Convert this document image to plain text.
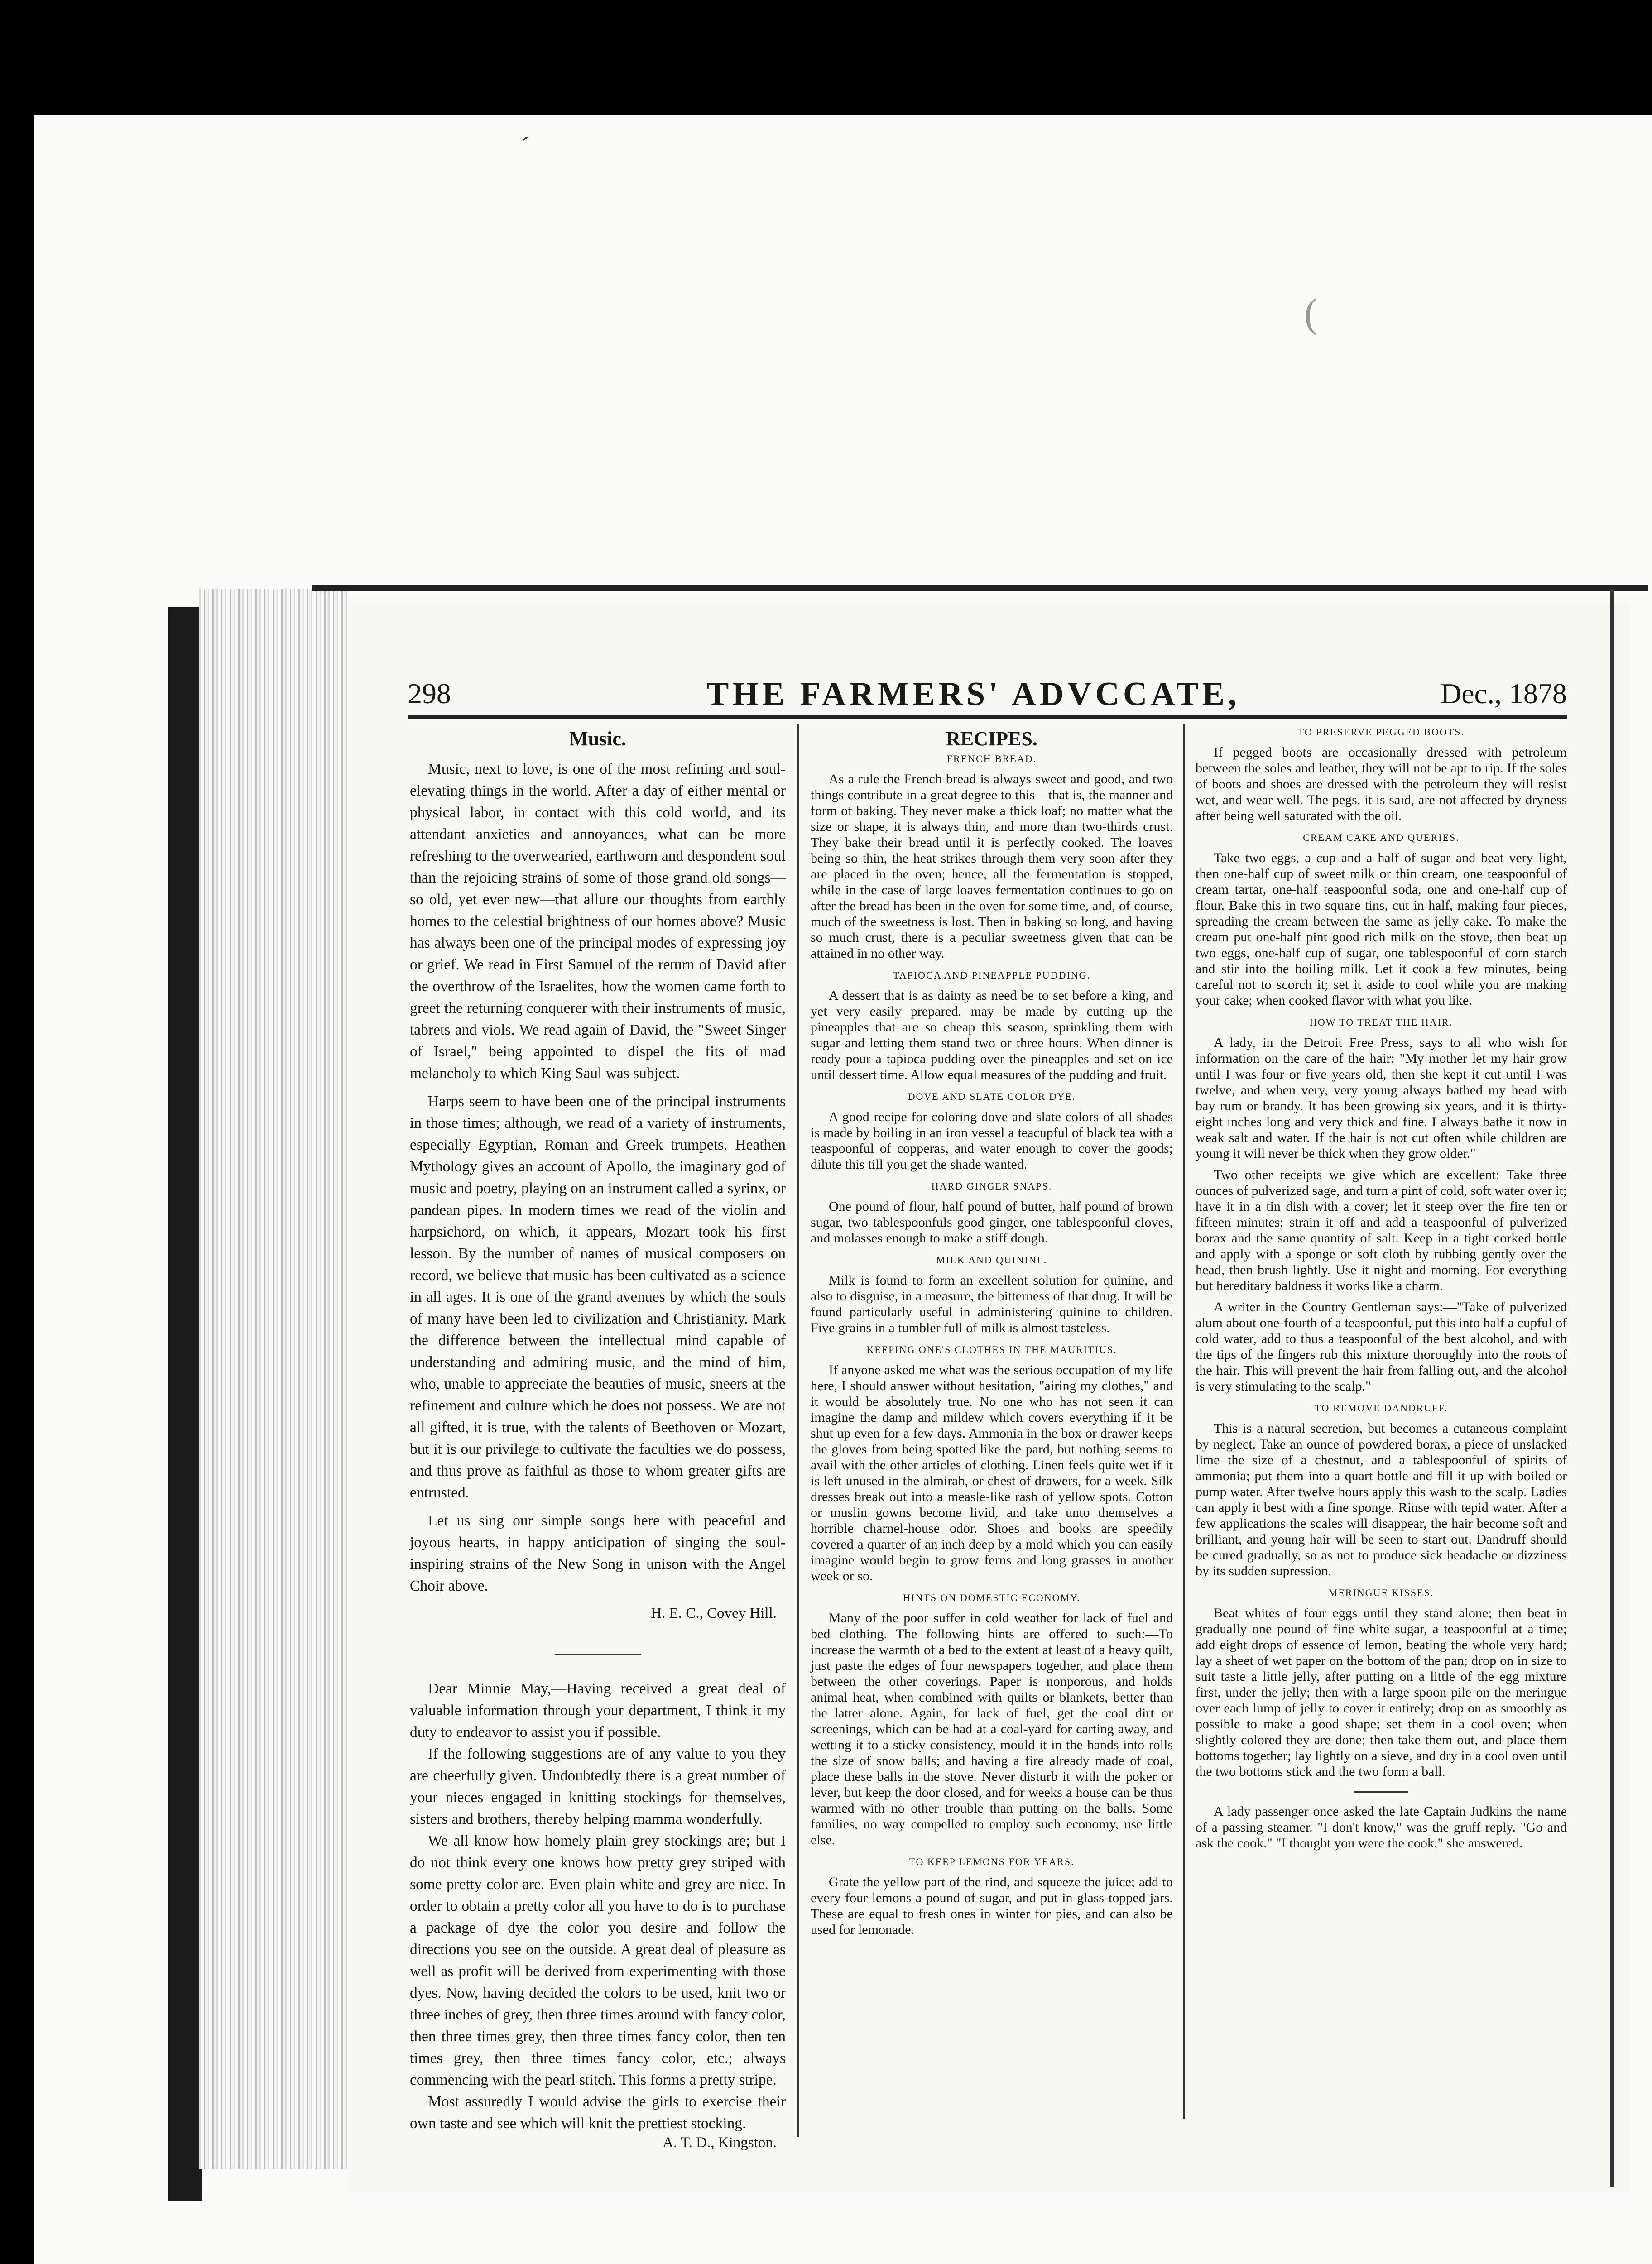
´
(
298	THE FARMERS' ADVCCATE,	Dec., 1878
Music.

Music, next to love, is one of the most refining and soul-elevating things in the world. After a day of either mental or physical labor, in contact with this cold world, and its attendant anxieties and annoyances, what can be more refreshing to the overwearied, earthworn and despondent soul than the rejoicing strains of some of those grand old songs—so old, yet ever new—that allure our thoughts from earthly homes to the celestial brightness of our homes above? Music has always been one of the principal modes of expressing joy or grief. We read in First Samuel of the return of David after the overthrow of the Israelites, how the women came forth to greet the returning conquerer with their instruments of music, tabrets and viols. We read again of David, the "Sweet Singer of Israel," being appointed to dispel the fits of mad melancholy to which King Saul was subject.

Harps seem to have been one of the principal instruments in those times; although, we read of a variety of instruments, especially Egyptian, Roman and Greek trumpets. Heathen Mythology gives an account of Apollo, the imaginary god of music and poetry, playing on an instrument called a syrinx, or pandean pipes. In modern times we read of the violin and harpsichord, on which, it appears, Mozart took his first lesson. By the number of names of musical composers on record, we believe that music has been cultivated as a science in all ages. It is one of the grand avenues by which the souls of many have been led to civilization and Christianity. Mark the difference between the intellectual mind capable of understanding and admiring music, and the mind of him, who, unable to appreciate the beauties of music, sneers at the refinement and culture which he does not possess. We are not all gifted, it is true, with the talents of Beethoven or Mozart, but it is our privilege to cultivate the faculties we do possess, and thus prove as faithful as those to whom greater gifts are entrusted.

Let us sing our simple songs here with peaceful and joyous hearts, in happy anticipation of singing the soul-inspiring strains of the New Song in unison with the Angel Choir above.

H. E. C., Covey Hill.

Dear Minnie May,—Having received a great deal of valuable information through your department, I think it my duty to endeavor to assist you if possible.

If the following suggestions are of any value to you they are cheerfully given. Undoubtedly there is a great number of your nieces engaged in knitting stockings for themselves, sisters and brothers, thereby helping mamma wonderfully.

We all know how homely plain grey stockings are; but I do not think every one knows how pretty grey striped with some pretty color are. Even plain white and grey are nice. In order to obtain a pretty color all you have to do is to purchase a package of dye the color you desire and follow the directions you see on the outside. A great deal of pleasure as well as profit will be derived from experimenting with those dyes. Now, having decided the colors to be used, knit two or three inches of grey, then three times around with fancy color, then three times grey, then three times fancy color, then ten times grey, then three times fancy color, etc.; always commencing with the pearl stitch. This forms a pretty stripe.

Most assuredly I would advise the girls to exercise their own taste and see which will knit the prettiest stocking.

A. T. D., Kingston.
RECIPES.
FRENCH BREAD.

As a rule the French bread is always sweet and good, and two things contribute in a great degree to this—that is, the manner and form of baking. They never make a thick loaf; no matter what the size or shape, it is always thin, and more than two-thirds crust. They bake their bread until it is perfectly cooked. The loaves being so thin, the heat strikes through them very soon after they are placed in the oven; hence, all the fermentation is stopped, while in the case of large loaves fermentation continues to go on after the bread has been in the oven for some time, and, of course, much of the sweetness is lost. Then in baking so long, and having so much crust, there is a peculiar sweetness given that can be attained in no other way.

TAPIOCA AND PINEAPPLE PUDDING.

A dessert that is as dainty as need be to set before a king, and yet very easily prepared, may be made by cutting up the pineapples that are so cheap this season, sprinkling them with sugar and letting them stand two or three hours. When dinner is ready pour a tapioca pudding over the pineapples and set on ice until dessert time. Allow equal measures of the pudding and fruit.

DOVE AND SLATE COLOR DYE.

A good recipe for coloring dove and slate colors of all shades is made by boiling in an iron vessel a teacupful of black tea with a teaspoonful of copperas, and water enough to cover the goods; dilute this till you get the shade wanted.

HARD GINGER SNAPS.

One pound of flour, half pound of butter, half pound of brown sugar, two tablespoonfuls good ginger, one tablespoonful cloves, and molasses enough to make a stiff dough.

MILK AND QUININE.

Milk is found to form an excellent solution for quinine, and also to disguise, in a measure, the bitterness of that drug. It will be found particularly useful in administering quinine to children. Five grains in a tumbler full of milk is almost tasteless.

KEEPING ONE'S CLOTHES IN THE MAURITIUS.

If anyone asked me what was the serious occupation of my life here, I should answer without hesitation, "airing my clothes," and it would be absolutely true. No one who has not seen it can imagine the damp and mildew which covers everything if it be shut up even for a few days. Ammonia in the box or drawer keeps the gloves from being spotted like the pard, but nothing seems to avail with the other articles of clothing. Linen feels quite wet if it is left unused in the almirah, or chest of drawers, for a week. Silk dresses break out into a measle-like rash of yellow spots. Cotton or muslin gowns become livid, and take unto themselves a horrible charnel-house odor. Shoes and books are speedily covered a quarter of an inch deep by a mold which you can easily imagine would begin to grow ferns and long grasses in another week or so.

HINTS ON DOMESTIC ECONOMY.

Many of the poor suffer in cold weather for lack of fuel and bed clothing. The following hints are offered to such:—To increase the warmth of a bed to the extent at least of a heavy quilt, just paste the edges of four newspapers together, and place them between the other coverings. Paper is nonporous, and holds animal heat, when combined with quilts or blankets, better than the latter alone. Again, for lack of fuel, get the coal dirt or screenings, which can be had at a coal-yard for carting away, and wetting it to a sticky consistency, mould it in the hands into rolls the size of snow balls; and having a fire already made of coal, place these balls in the stove. Never disturb it with the poker or lever, but keep the door closed, and for weeks a house can be thus warmed with no other trouble than putting on the balls. Some families, no way compelled to employ such economy, use little else.

TO KEEP LEMONS FOR YEARS.

Grate the yellow part of the rind, and squeeze the juice; add to every four lemons a pound of sugar, and put in glass-topped jars. These are equal to fresh ones in winter for pies, and can also be used for lemonade.

TO PRESERVE PEGGED BOOTS.

If pegged boots are occasionally dressed with petroleum between the soles and leather, they will not be apt to rip. If the soles of boots and shoes are dressed with the petroleum they will resist wet, and wear well. The pegs, it is said, are not affected by dryness after being well saturated with the oil.

CREAM CAKE AND QUERIES.

Take two eggs, a cup and a half of sugar and beat very light, then one-half cup of sweet milk or thin cream, one teaspoonful of cream tartar, one-half teaspoonful soda, one and one-half cup of flour. Bake this in two square tins, cut in half, making four pieces, spreading the cream between the same as jelly cake. To make the cream put one-half pint good rich milk on the stove, then beat up two eggs, one-half cup of sugar, one tablespoonful of corn starch and stir into the boiling milk. Let it cook a few minutes, being careful not to scorch it; set it aside to cool while you are making your cake; when cooked flavor with what you like.

HOW TO TREAT THE HAIR.

A lady, in the Detroit Free Press, says to all who wish for information on the care of the hair: "My mother let my hair grow until I was four or five years old, then she kept it cut until I was twelve, and when very, very young always bathed my head with bay rum or brandy. It has been growing six years, and it is thirty-eight inches long and very thick and fine. I always bathe it now in weak salt and water. If the hair is not cut often while children are young it will never be thick when they grow older."

Two other receipts we give which are excellent: Take three ounces of pulverized sage, and turn a pint of cold, soft water over it; have it in a tin dish with a cover; let it steep over the fire ten or fifteen minutes; strain it off and add a teaspoonful of pulverized borax and the same quantity of salt. Keep in a tight corked bottle and apply with a sponge or soft cloth by rubbing gently over the head, then brush lightly. Use it night and morning. For everything but hereditary baldness it works like a charm.

A writer in the Country Gentleman says:—"Take of pulverized alum about one-fourth of a teaspoonful, put this into half a cupful of cold water, add to thus a teaspoonful of the best alcohol, and with the tips of the fingers rub this mixture thoroughly into the roots of the hair. This will prevent the hair from falling out, and the alcohol is very stimulating to the scalp."

TO REMOVE DANDRUFF.

This is a natural secretion, but becomes a cutaneous complaint by neglect. Take an ounce of powdered borax, a piece of unslacked lime the size of a chestnut, and a tablespoonful of spirits of ammonia; put them into a quart bottle and fill it up with boiled or pump water. After twelve hours apply this wash to the scalp. Ladies can apply it best with a fine sponge. Rinse with tepid water. After a few applications the scales will disappear, the hair become soft and brilliant, and young hair will be seen to start out. Dandruff should be cured gradually, so as not to produce sick headache or dizziness by its sudden supression.

MERINGUE KISSES.

Beat whites of four eggs until they stand alone; then beat in gradually one pound of fine white sugar, a teaspoonful at a time; add eight drops of essence of lemon, beating the whole very hard; lay a sheet of wet paper on the bottom of the pan; drop on in size to suit taste a little jelly, after putting on a little of the egg mixture first, under the jelly; then with a large spoon pile on the meringue over each lump of jelly to cover it entirely; drop on as smoothly as possible to make a good shape; set them in a cool oven; when slightly colored they are done; then take them out, and place them bottoms together; lay lightly on a sieve, and dry in a cool oven until the two bottoms stick and the two form a ball.

A lady passenger once asked the late Captain Judkins the name of a passing steamer. "I don't know," was the gruff reply. "Go and ask the cook." "I thought you were the cook," she answered.
